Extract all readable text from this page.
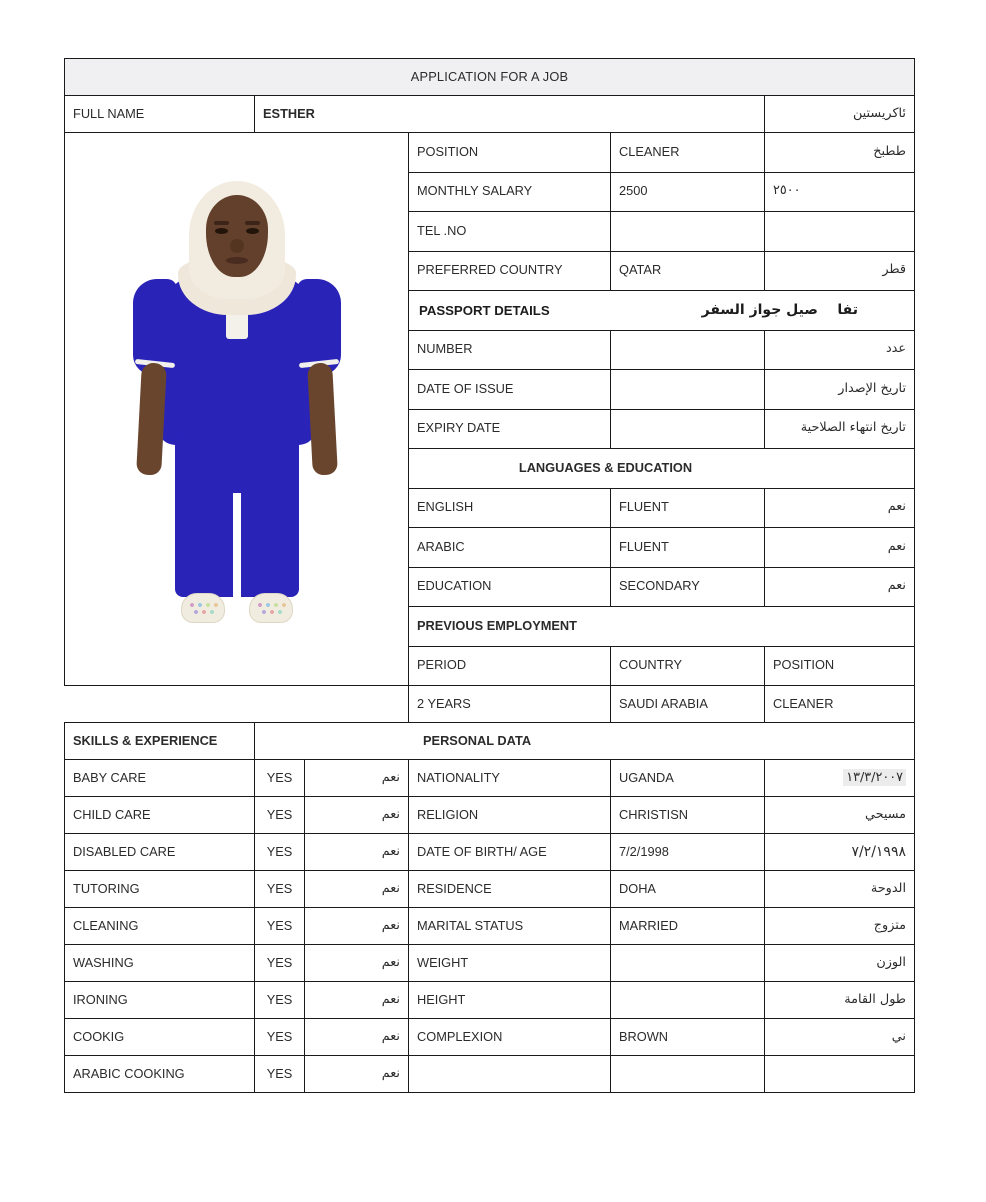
APPLICATION FOR A JOB					
FULL NAME	ESTHER				ئاكريستين

			POSITION	CLEANER	ططبخ
			MONTHLY SALARY	2500	٢٥٠٠
			TEL .NO		
			PREFERRED COUNTRY	QATAR	قطر

			PASSPORT DETAILS تفا    صيل جواز السفر		

			NUMBER		عدد
			DATE OF ISSUE		تاريخ الإصدار
			EXPIRY DATE		تاريخ انتهاء الصلاحية
			LANGUAGES & EDUCATION		
			ENGLISH	FLUENT	نعم
			ARABIC	FLUENT	نعم
			EDUCATION	SECONDARY	نعم
			PREVIOUS EMPLOYMENT		
			PERIOD	COUNTRY	POSITION
			2 YEARS	SAUDI ARABIA	CLEANER
SKILLS & EXPERIENCE	PERSONAL DATA				
BABY CARE	YES	نعم	NATIONALITY	UGANDA	١٣/٣/٢٠٠٧
CHILD CARE	YES	نعم	RELIGION	CHRISTISN	مسيحي
DISABLED CARE	YES	نعم	DATE OF BIRTH/ AGE	7/2/1998	٧/٢/١٩٩٨
TUTORING	YES	نعم	RESIDENCE	DOHA	الدوحة
CLEANING	YES	نعم	MARITAL STATUS	MARRIED	متزوج
WASHING	YES	نعم	WEIGHT		الوزن
IRONING	YES	نعم	HEIGHT		طول القامة
COOKIG	YES	نعم	COMPLEXION	BROWN	ني
ARABIC COOKING	YES	نعم			
